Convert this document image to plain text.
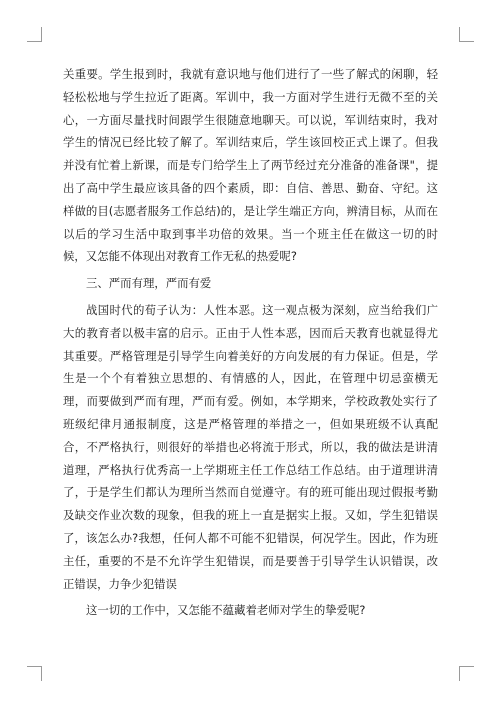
关重要。学生报到时，我就有意识地与他们进行了一些了解式的闲聊，轻轻松松地与学生拉近了距离。军训中，我一方面对学生进行无微不至的关心，一方面尽量找时间跟学生很随意地聊天。可以说，军训结束时，我对学生的情况已经比较了解了。军训结束后，学生该回校正式上课了。但我并没有忙着上新课，而是专门给学生上了两节经过充分准备的准备课"，提出了高中学生最应该具备的四个素质，即：自信、善思、勤奋、守纪。这样做的目(志愿者服务工作总结)的，是让学生端正方向，辨清目标，从而在以后的学习生活中取到事半功倍的效果。当一个班主任在做这一切的时候，又怎能不体现出对教育工作无私的热爱呢?

三、严而有理，严而有爱

战国时代的荀子认为：人性本恶。这一观点极为深刻，应当给我们广大的教育者以极丰富的启示。正由于人性本恶，因而后天教育也就显得尤其重要。严格管理是引导学生向着美好的方向发展的有力保证。但是，学生是一个个有着独立思想的、有情感的人，因此，在管理中切忌蛮横无理，而要做到严而有理，严而有爱。例如，本学期来，学校政教处实行了班级纪律月通报制度，这是严格管理的举措之一，但如果班级不认真配合，不严格执行，则很好的举措也必将流于形式，所以，我的做法是讲清道理，严格执行优秀高一上学期班主任工作总结工作总结。由于道理讲清了，于是学生们都认为理所当然而自觉遵守。有的班可能出现过假报考勤及缺交作业次数的现象，但我的班上一直是据实上报。又如，学生犯错误了，该怎么办?我想，任何人都不可能不犯错误，何况学生。因此，作为班主任，重要的不是不允许学生犯错误，而是要善于引导学生认识错误，改正错误，力争少犯错误

这一切的工作中，又怎能不蕴藏着老师对学生的挚爱呢?
